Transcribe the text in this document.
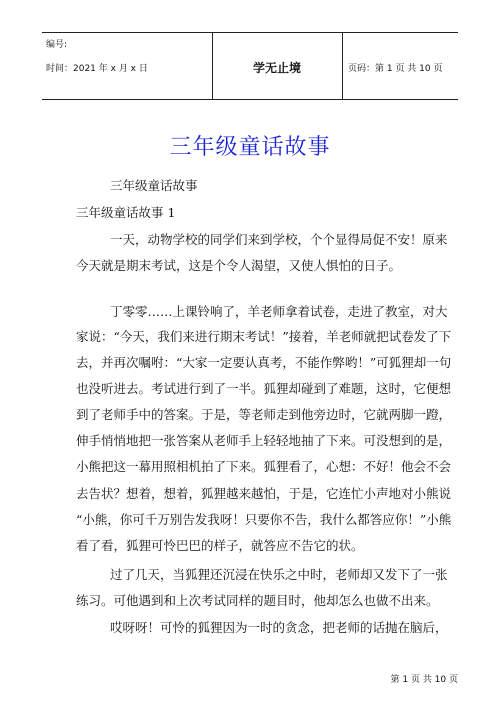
编号:
时间：2021 年 x 月 x 日	学无止境	页码：第 1 页 共 10 页
三年级童话故事
三年级童话故事
三年级童话故事 1
一天，动物学校的同学们来到学校，个个显得局促不安！原来
今天就是期末考试，这是个令人渴望，又使人惧怕的日子。
丁零零……上课铃响了，羊老师拿着试卷，走进了教室，对大
家说：“今天，我们来进行期末考试！”接着，羊老师就把试卷发了下
去，并再次嘱咐：“大家一定要认真考，不能作弊哟！”可狐狸却一句
也没听进去。考试进行到了一半。狐狸却碰到了难题，这时，它便想
到了老师手中的答案。于是，等老师走到他旁边时，它就两脚一蹬，
伸手悄悄地把一张答案从老师手上轻轻地抽了下来。可没想到的是，
小熊把这一幕用照相机拍了下来。狐狸看了，心想：不好！他会不会
去告状？想着，想着，狐狸越来越怕，于是，它连忙小声地对小熊说
“小熊，你可千万别告发我呀！只要你不告，我什么都答应你！”小熊
看了看，狐狸可怜巴巴的样子，就答应不告它的状。
过了几天，当狐狸还沉浸在快乐之中时，老师却又发下了一张
练习。可他遇到和上次考试同样的题目时，他却怎么也做不出来。
哎呀呀！可怜的狐狸因为一时的贪念，把老师的话抛在脑后，
第 1 页 共 10 页
